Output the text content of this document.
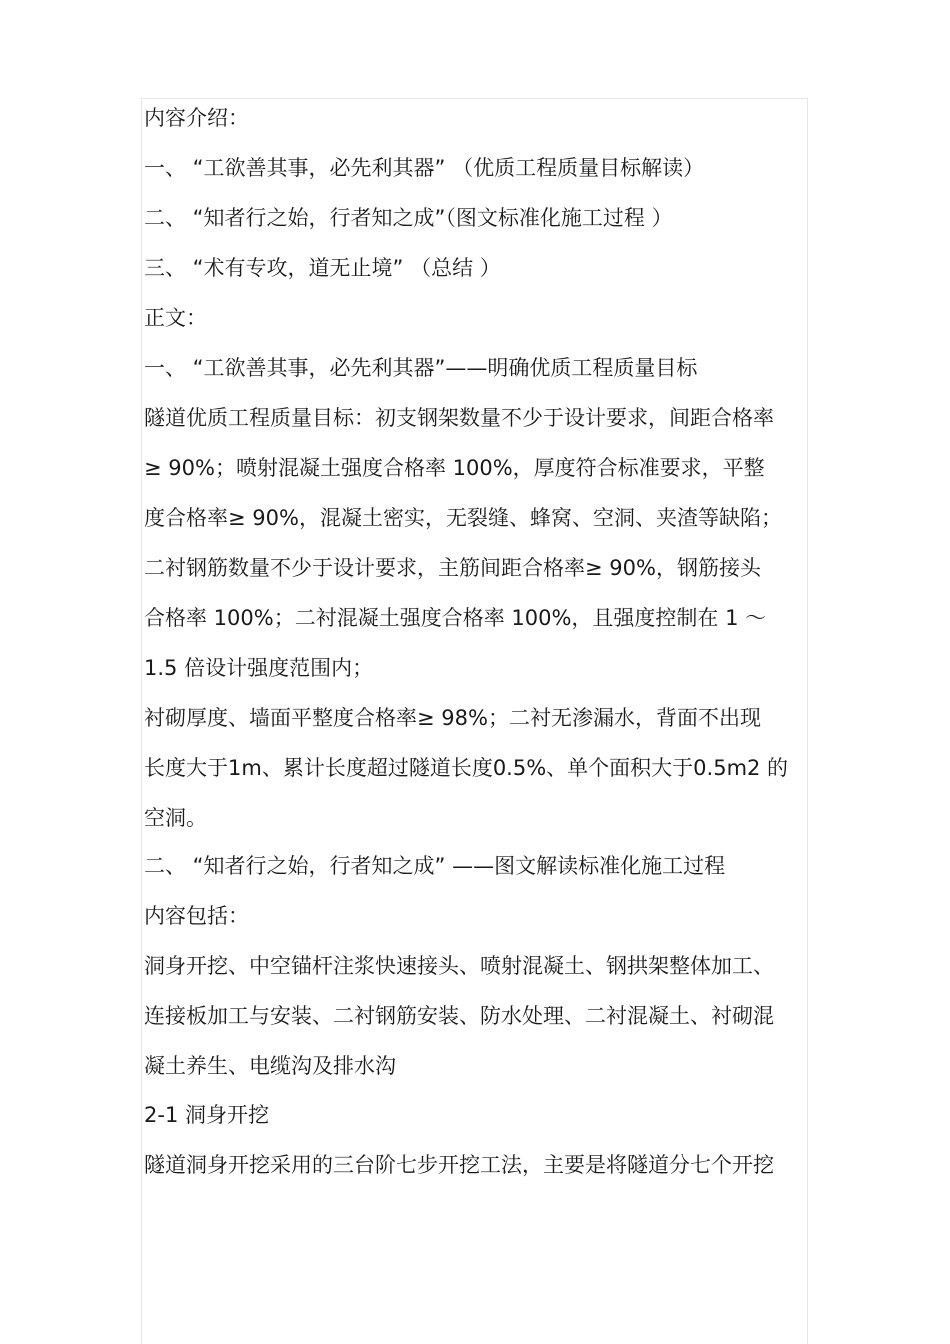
内容介绍：
一、 “工欲善其事，必先利其器” （优质工程质量目标解读）
二、 “知者行之始，行者知之成”（图文标准化施工过程 ）
三、 “术有专攻，道无止境” （总结 ）
正文：
一、 “工欲善其事，必先利其器”——明确优质工程质量目标
隧道优质工程质量目标：初支钢架数量不少于设计要求，间距合格率
≥ 90%；喷射混凝土强度合格率 100%，厚度符合标准要求，平整
度合格率≥ 90%，混凝土密实，无裂缝、蜂窝、空洞、夹渣等缺陷；
二衬钢筋数量不少于设计要求，主筋间距合格率≥ 90%，钢筋接头
合格率 100%；二衬混凝土强度合格率 100%，且强度控制在 1 ～
1.5 倍设计强度范围内；
衬砌厚度、墙面平整度合格率≥ 98%；二衬无渗漏水，背面不出现
长度大于1m、累计长度超过隧道长度0.5%、单个面积大于0.5m2 的
空洞。
二、 “知者行之始，行者知之成” ——图文解读标准化施工过程
内容包括：
洞身开挖、中空锚杆注浆快速接头、喷射混凝土、钢拱架整体加工、
连接板加工与安装、二衬钢筋安装、防水处理、二衬混凝土、衬砌混
凝土养生、电缆沟及排水沟
2-1 洞身开挖
隧道洞身开挖采用的三台阶七步开挖工法，主要是将隧道分七个开挖
